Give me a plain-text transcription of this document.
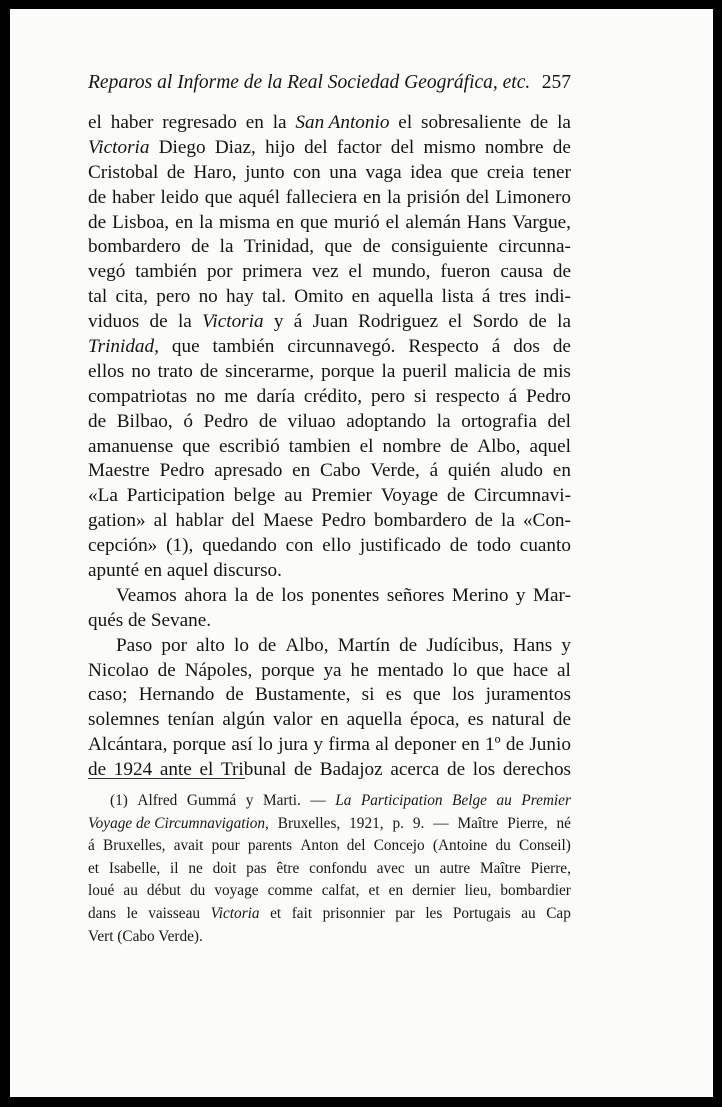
Reparos al Informe de la Real Sociedad Geográfica, etc. 257
el haber regresado en la San Antonio el sobresaliente de la
Victoria Diego Diaz, hijo del factor del mismo nombre de
Cristobal de Haro, junto con una vaga idea que creia tener
de haber leido que aquél falleciera en la prisión del Limonero
de Lisboa, en la misma en que murió el alemán Hans Vargue,
bombardero de la Trinidad, que de consiguiente circunna-
vegó también por primera vez el mundo, fueron causa de
tal cita, pero no hay tal. Omito en aquella lista á tres indi-
viduos de la Victoria y á Juan Rodriguez el Sordo de la
Trinidad, que también circunnavegó. Respecto á dos de
ellos no trato de sincerarme, porque la pueril malicia de mis
compatriotas no me daría crédito, pero si respecto á Pedro
de Bilbao, ó Pedro de viluao adoptando la ortografia del
amanuense que escribió tambien el nombre de Albo, aquel
Maestre Pedro apresado en Cabo Verde, á quién aludo en
«La Participation belge au Premier Voyage de Circumnavi-
gation» al hablar del Maese Pedro bombardero de la «Con-
cepción» (1), quedando con ello justificado de todo cuanto
apunté en aquel discurso.
Veamos ahora la de los ponentes señores Merino y Mar-
qués de Sevane.
Paso por alto lo de Albo, Martín de Judícibus, Hans y
Nicolao de Nápoles, porque ya he mentado lo que hace al
caso; Hernando de Bustamente, si es que los juramentos
solemnes tenían algún valor en aquella época, es natural de
Alcántara, porque así lo jura y firma al deponer en 1º de Junio
de 1924 ante el Tribunal de Badajoz acerca de los derechos
(1) Alfred Gummá y Marti. — La Participation Belge au Premier
Voyage de Circumnavigation, Bruxelles, 1921, p. 9. — Maître Pierre, né
á Bruxelles, avait pour parents Anton del Concejo (Antoine du Conseil)
et Isabelle, il ne doit pas être confondu avec un autre Maître Pierre,
loué au début du voyage comme calfat, et en dernier lieu, bombardier
dans le vaisseau Victoria et fait prisonnier par les Portugais au Cap
Vert (Cabo Verde).
